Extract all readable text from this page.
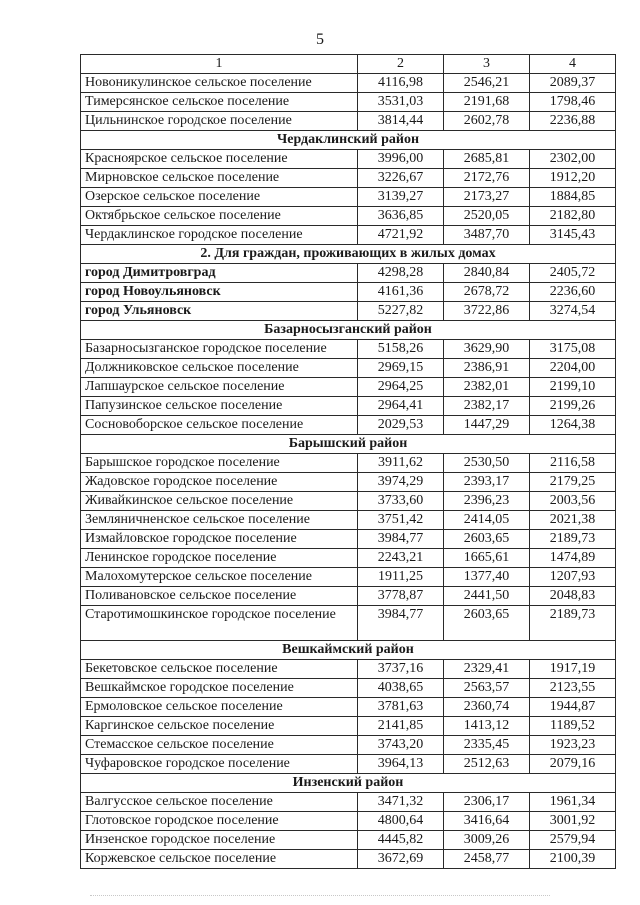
5
1	2	3	4
Новоникулинское сельское поселение	4116,98	2546,21	2089,37
Тимерсянское сельское поселение	3531,03	2191,68	1798,46
Цильнинское городское поселение	3814,44	2602,78	2236,88
Чердаклинский район			
Красноярское сельское поселение	3996,00	2685,81	2302,00
Мирновское сельское поселение	3226,67	2172,76	1912,20
Озерское сельское поселение	3139,27	2173,27	1884,85
Октябрьское сельское поселение	3636,85	2520,05	2182,80
Чердаклинское городское поселение	4721,92	3487,70	3145,43
2. Для граждан, проживающих в жилых домах			
город Димитровград	4298,28	2840,84	2405,72
город Новоульяновск	4161,36	2678,72	2236,60
город Ульяновск	5227,82	3722,86	3274,54
Базарносызганский район			
Базарносызганское городское поселение	5158,26	3629,90	3175,08
Должниковское сельское поселение	2969,15	2386,91	2204,00
Лапшаурское сельское поселение	2964,25	2382,01	2199,10
Папузинское сельское поселение	2964,41	2382,17	2199,26
Сосновоборское сельское поселение	2029,53	1447,29	1264,38
Барышский район			
Барышское городское поселение	3911,62	2530,50	2116,58
Жадовское городское поселение	3974,29	2393,17	2179,25
Живайкинское сельское поселение	3733,60	2396,23	2003,56
Земляничненское сельское поселение	3751,42	2414,05	2021,38
Измайловское городское поселение	3984,77	2603,65	2189,73
Ленинское городское поселение	2243,21	1665,61	1474,89
Малохомутерское сельское поселение	1911,25	1377,40	1207,93
Поливановское сельское поселение	3778,87	2441,50	2048,83
Старотимошкинское городское поселение	3984,77	2603,65	2189,73
Вешкаймский район			
Бекетовское сельское поселение	3737,16	2329,41	1917,19
Вешкаймское городское поселение	4038,65	2563,57	2123,55
Ермоловское сельское поселение	3781,63	2360,74	1944,87
Каргинское сельское поселение	2141,85	1413,12	1189,52
Стемасское сельское поселение	3743,20	2335,45	1923,23
Чуфаровское городское поселение	3964,13	2512,63	2079,16
Инзенский район			
Валгусское сельское поселение	3471,32	2306,17	1961,34
Глотовское городское поселение	4800,64	3416,64	3001,92
Инзенское городское поселение	4445,82	3009,26	2579,94
Коржевское сельское поселение	3672,69	2458,77	2100,39
